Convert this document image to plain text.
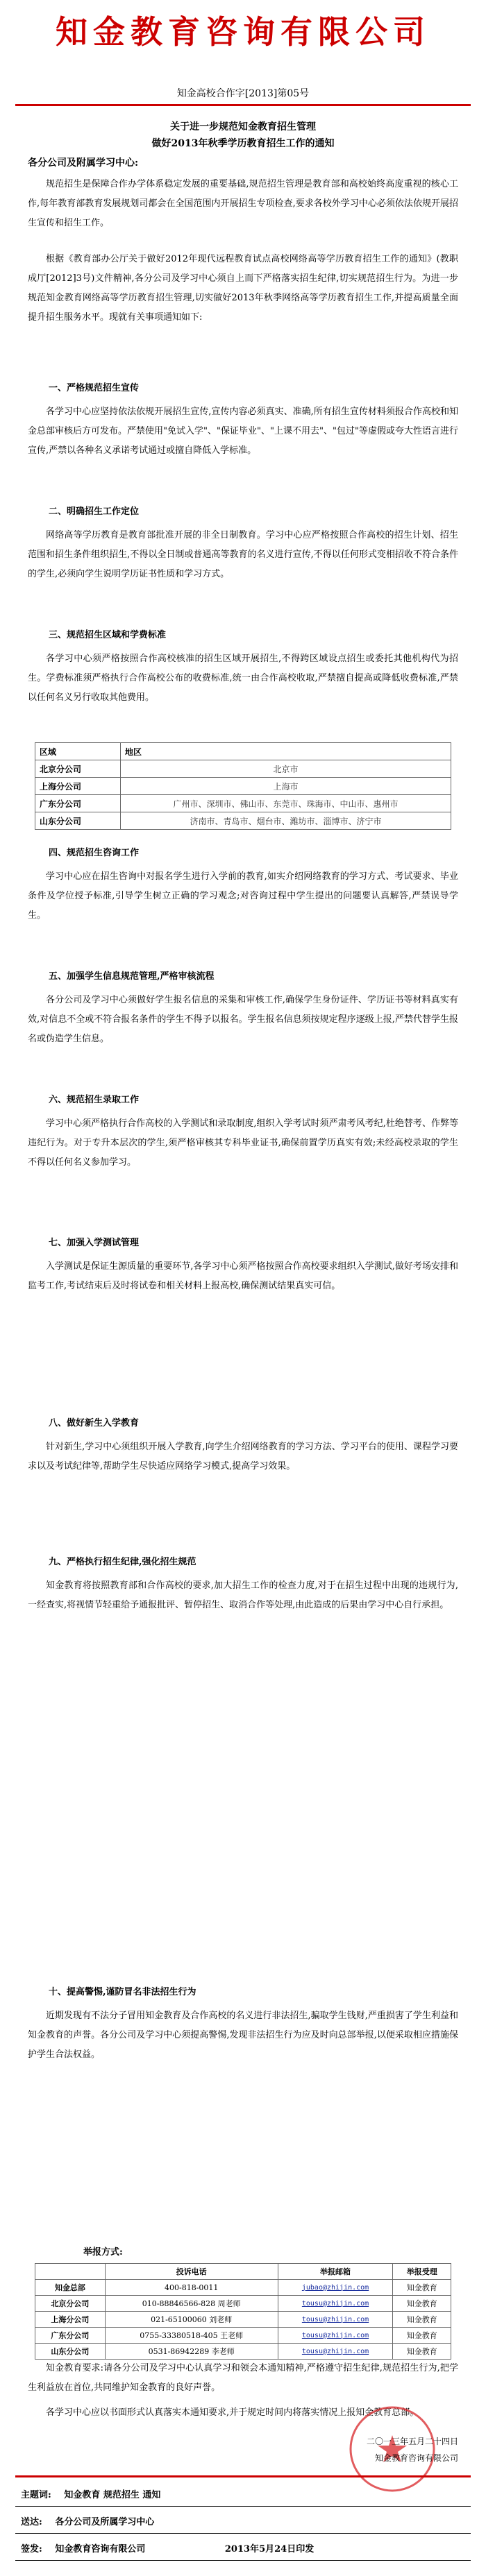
知金教育咨询有限公司
知金高校合作字[2013]第05号
关于进一步规范知金教育招生管理
做好2013年秋季学历教育招生工作的通知
各分公司及附属学习中心:
规范招生是保障合作办学体系稳定发展的重要基础,规范招生管理是教育部和高校始终高度重视的核心工作,每年教育部教育发展规划司都会在全国范围内开展招生专项检查,要求各校外学习中心必须依法依规开展招生宣传和招生工作。
根据《教育部办公厅关于做好2012年现代远程教育试点高校网络高等学历教育招生工作的通知》(教职成厅[2012]3号)文件精神,各分公司及学习中心须自上而下严格落实招生纪律,切实规范招生行为。为进一步规范知金教育网络高等学历教育招生管理,切实做好2013年秋季网络高等学历教育招生工作,并提高质量全面提升招生服务水平。现就有关事项通知如下:
一、严格规范招生宣传
各学习中心应坚持依法依规开展招生宣传,宣传内容必须真实、准确,所有招生宣传材料须报合作高校和知金总部审核后方可发布。严禁使用"免试入学"、"保证毕业"、"上课不用去"、"包过"等虚假或夸大性语言进行宣传,严禁以各种名义承诺考试通过或擅自降低入学标准。
二、明确招生工作定位
网络高等学历教育是教育部批准开展的非全日制教育。学习中心应严格按照合作高校的招生计划、招生范围和招生条件组织招生,不得以全日制或普通高等教育的名义进行宣传,不得以任何形式变相招收不符合条件的学生,必须向学生说明学历证书性质和学习方式。
三、规范招生区域和学费标准
各学习中心须严格按照合作高校核准的招生区域开展招生,不得跨区域设点招生或委托其他机构代为招生。学费标准须严格执行合作高校公布的收费标准,统一由合作高校收取,严禁擅自提高或降低收费标准,严禁以任何名义另行收取其他费用。
区域	地区
北京分公司	北京市
上海分公司	上海市
广东分公司	广州市、深圳市、佛山市、东莞市、珠海市、中山市、惠州市
山东分公司	济南市、青岛市、烟台市、潍坊市、淄博市、济宁市
四、规范招生咨询工作
学习中心应在招生咨询中对报名学生进行入学前的教育,如实介绍网络教育的学习方式、考试要求、毕业条件及学位授予标准,引导学生树立正确的学习观念;对咨询过程中学生提出的问题要认真解答,严禁误导学生。
五、加强学生信息规范管理,严格审核流程
各分公司及学习中心须做好学生报名信息的采集和审核工作,确保学生身份证件、学历证书等材料真实有效,对信息不全或不符合报名条件的学生不得予以报名。学生报名信息须按规定程序逐级上报,严禁代替学生报名或伪造学生信息。
六、规范招生录取工作
学习中心须严格执行合作高校的入学测试和录取制度,组织入学考试时须严肃考风考纪,杜绝替考、作弊等违纪行为。对于专升本层次的学生,须严格审核其专科毕业证书,确保前置学历真实有效;未经高校录取的学生不得以任何名义参加学习。
七、加强入学测试管理
入学测试是保证生源质量的重要环节,各学习中心须严格按照合作高校要求组织入学测试,做好考场安排和监考工作,考试结束后及时将试卷和相关材料上报高校,确保测试结果真实可信。
八、做好新生入学教育
针对新生,学习中心须组织开展入学教育,向学生介绍网络教育的学习方法、学习平台的使用、课程学习要求以及考试纪律等,帮助学生尽快适应网络学习模式,提高学习效果。
九、严格执行招生纪律,强化招生规范
知金教育将按照教育部和合作高校的要求,加大招生工作的检查力度,对于在招生过程中出现的违规行为,一经查实,将视情节轻重给予通报批评、暂停招生、取消合作等处理,由此造成的后果由学习中心自行承担。
十、提高警惕,谨防冒名非法招生行为
近期发现有不法分子冒用知金教育及合作高校的名义进行非法招生,骗取学生钱财,严重损害了学生利益和知金教育的声誉。各分公司及学习中心须提高警惕,发现非法招生行为应及时向总部举报,以便采取相应措施保护学生合法权益。
举报方式:
	投诉电话	举报邮箱	举报受理
知金总部	400-818-0011	jubao@zhijin.com	知金教育
北京分公司	010-88846566-828 周老师	tousu@zhijin.com	知金教育
上海分公司	021-65100060 刘老师	tousu@zhijin.com	知金教育
广东分公司	0755-33380518-405 王老师	tousu@zhijin.com	知金教育
山东分公司	0531-86942289 李老师	tousu@zhijin.com	知金教育
知金教育要求:请各分公司及学习中心认真学习和领会本通知精神,严格遵守招生纪律,规范招生行为,把学生利益放在首位,共同维护知金教育的良好声誉。
各学习中心应以书面形式认真落实本通知要求,并于规定时间内将落实情况上报知金教育总部。
二〇一三年五月二十四日
知金教育咨询有限公司
主题词: 知金教育 规范招生 通知
送达: 各分公司及所属学习中心
签发: 知金教育咨询有限公司	2013年5月24日印发
